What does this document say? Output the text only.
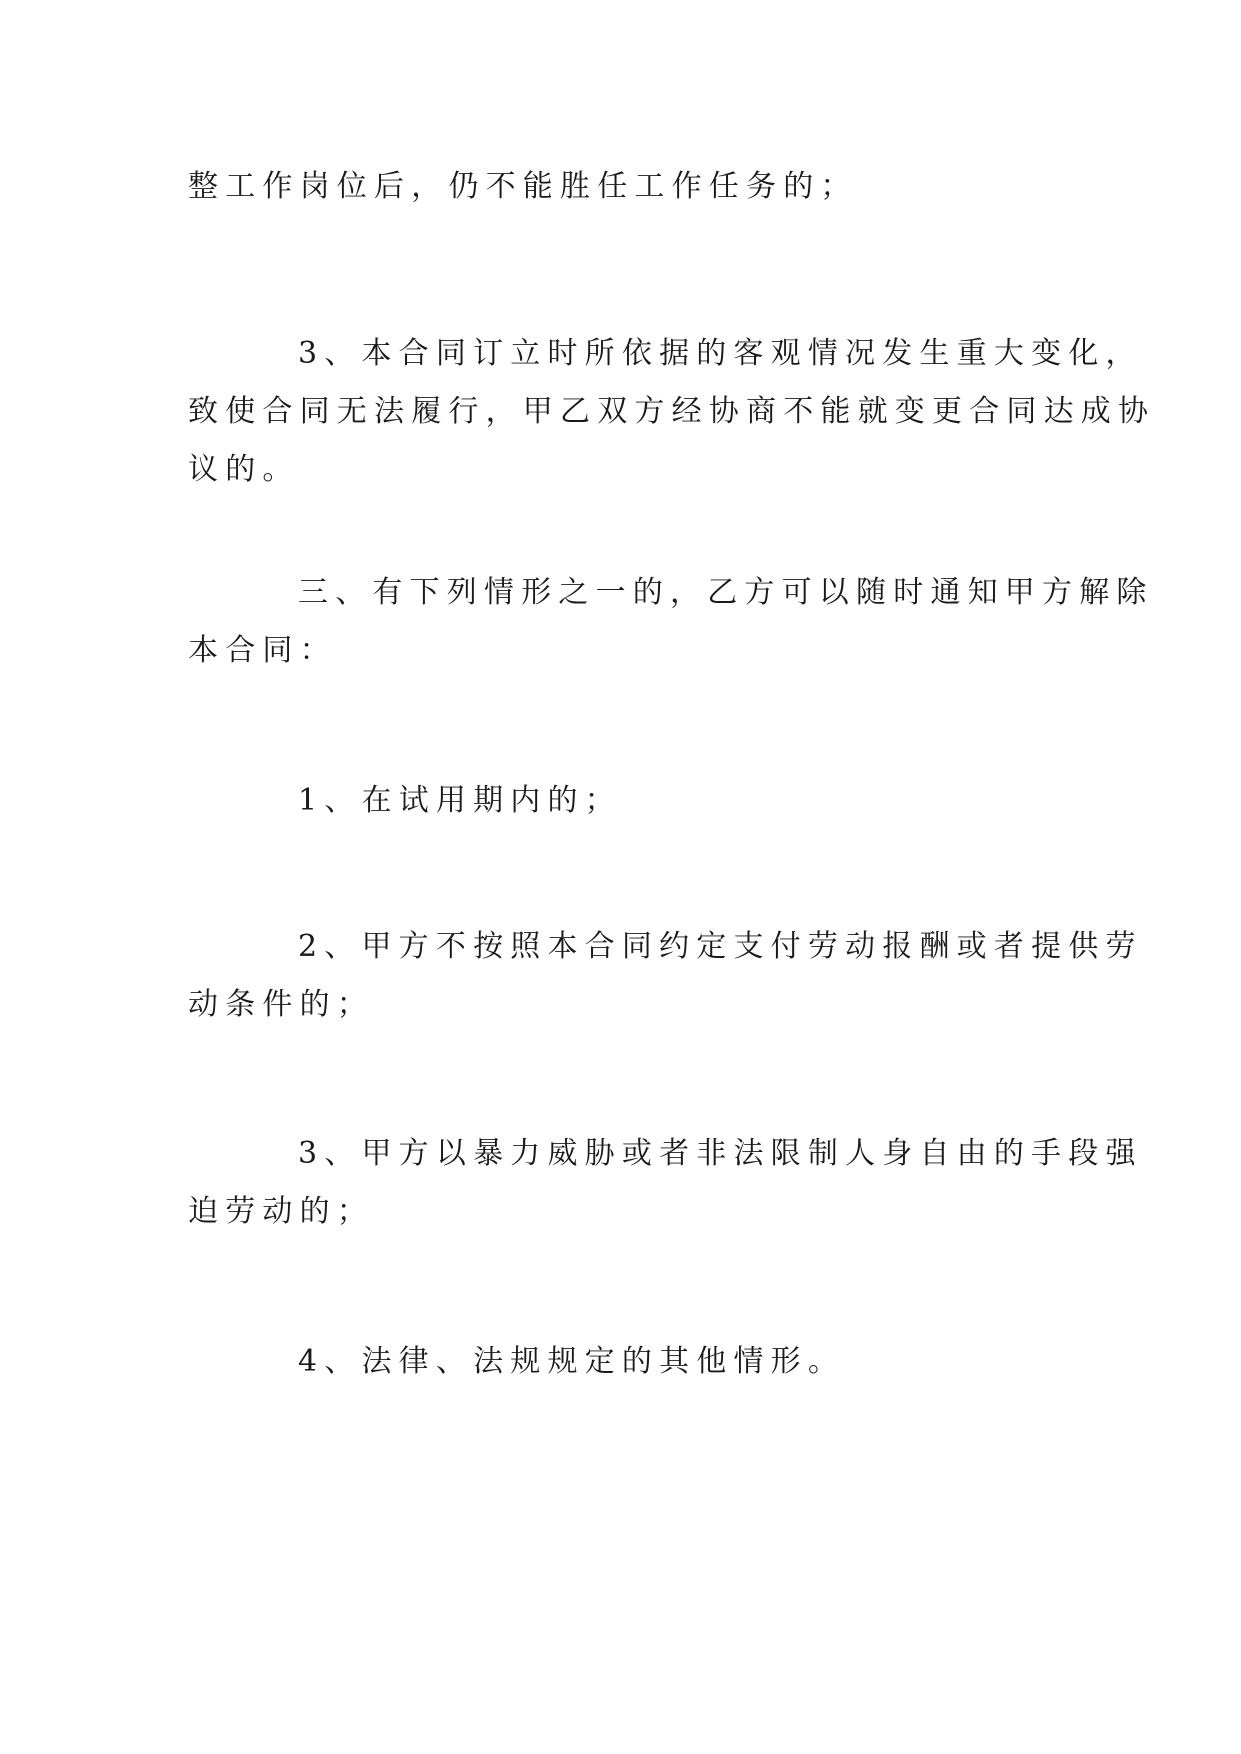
整工作岗位后，仍不能胜任工作任务的；

3、本合同订立时所依据的客观情况发生重大变化，
致使合同无法履行，甲乙双方经协商不能就变更合同达成协
议的。

三、有下列情形之一的，乙方可以随时通知甲方解除
本合同：

1、在试用期内的；

2、甲方不按照本合同约定支付劳动报酬或者提供劳
动条件的；

3、甲方以暴力威胁或者非法限制人身自由的手段强
迫劳动的；

4、法律、法规规定的其他情形。
